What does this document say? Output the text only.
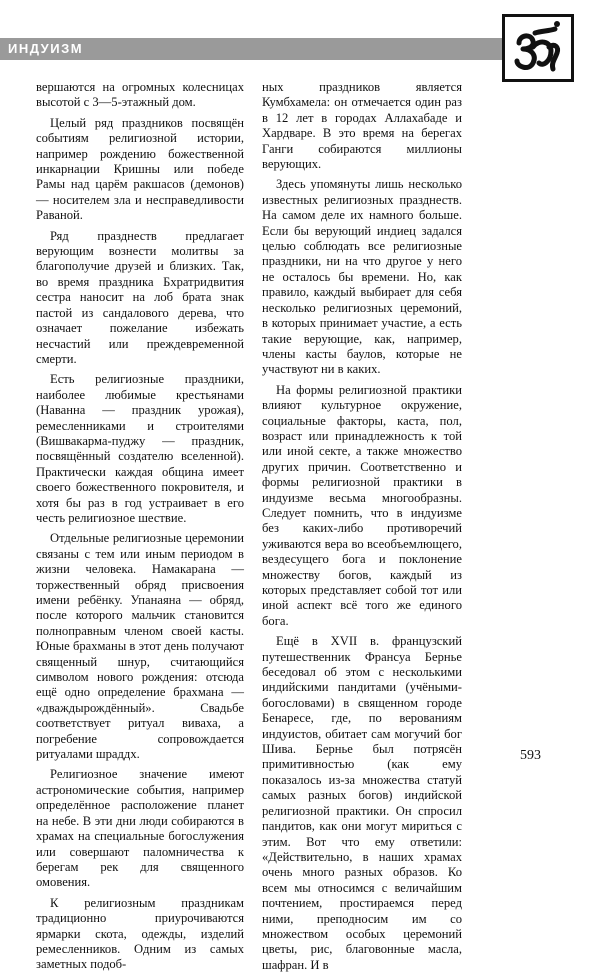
ИНДУИЗМ

вершаются на огромных колесницах высотой с 3—5-этажный дом.

Целый ряд праздников посвящён событиям религиозной истории, например рождению божественной инкарнации Кришны или победе Рамы над царём ракшасов (демонов) — носителем зла и несправедливости Раваной.

Ряд празднеств предлагает верующим вознести молитвы за благополучие друзей и близких. Так, во время праздника Бхратридвития сестра наносит на лоб брата знак пастой из сандалового дерева, что означает пожелание избежать несчастий или преждевременной смерти.

Есть религиозные праздники, наиболее любимые крестьянами (Наванна — праздник урожая), ремесленниками и строителями (Вишвакарма-пуджу — праздник, посвящённый создателю вселенной). Практически каждая община имеет своего божественного покровителя, и хотя бы раз в год устраивает в его честь религиозное шествие.

Отдельные религиозные церемонии связаны с тем или иным периодом в жизни человека. Намакарана — торжественный обряд присвоения имени ребёнку. Упанаяна — обряд, после которого мальчик становится полноправным членом своей касты. Юные брахманы в этот день получают священный шнур, считающийся символом нового рождения: отсюда ещё одно определение брахмана — «дваждырождённый». Свадьбе соответствует ритуал виваха, а погребение сопровождается ритуалами шраддх.

Религиозное значение имеют астрономические события, например определённое расположение планет на небе. В эти дни люди собираются в храмах на специальные богослужения или совершают паломничества к берегам рек для священного омовения.

К религиозным праздникам традиционно приурочиваются ярмарки скота, одежды, изделий ремесленников. Одним из самых заметных подоб-

ных праздников является Кумбхамела: он отмечается один раз в 12 лет в городах Аллахабаде и Хардваре. В это время на берегах Ганги собираются миллионы верующих.

Здесь упомянуты лишь несколько известных религиозных празднеств. На самом деле их намного больше. Если бы верующий индиец задался целью соблюдать все религиозные праздники, ни на что другое у него не осталось бы времени. Но, как правило, каждый выбирает для себя несколько религиозных церемоний, в которых принимает участие, а есть такие верующие, как, например, члены касты баулов, которые не участвуют ни в каких.

На формы религиозной практики влияют культурное окружение, социальные факторы, каста, пол, возраст или принадлежность к той или иной секте, а также множество других причин. Соответственно и формы религиозной практики в индуизме весьма многообразны. Следует помнить, что в индуизме без каких-либо противоречий уживаются вера во всеобъемлющего, вездесущего бога и поклонение множеству богов, каждый из которых представляет собой тот или иной аспект всё того же единого бога.

Ещё в XVII в. французский путешественник Франсуа Бернье беседовал об этом с несколькими индийскими пандитами (учёными-богословами) в священном городе Бенаресе, где, по верованиям индуистов, обитает сам могучий бог Шива. Бернье был потрясён примитивностью (как ему показалось из-за множества статуй самых разных богов) индийской религиозной практики. Он спросил пандитов, как они могут мириться с этим. Вот что ему ответили: «Действительно, в наших храмах очень много разных образов. Ко всем мы относимся с величайшим почтением, простираемся перед ними, преподносим им со множеством особых церемоний цветы, рис, благовонные масла, шафран. И в

593
